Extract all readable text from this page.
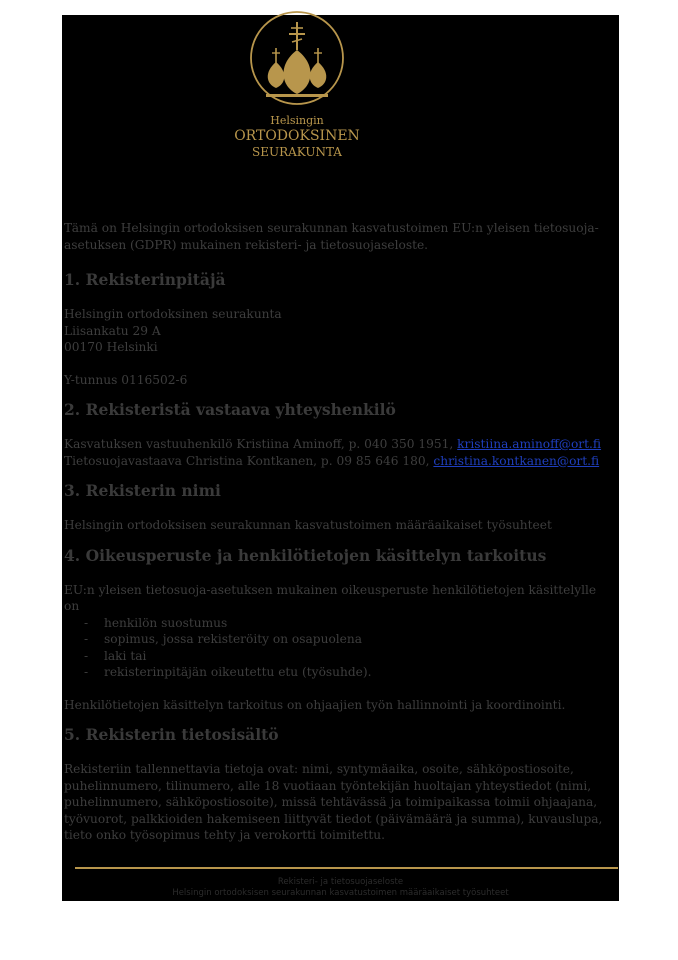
Helsingin
ORTODOKSINEN
SEURAKUNTA

Tämä on Helsingin ortodoksisen seurakunnan kasvatustoimen EU:n yleisen tietosuoja-asetuksen (GDPR) mukainen rekisteri- ja tietosuojaseloste.

1. Rekisterinpitäjä

Helsingin ortodoksinen seurakunta

Liisankatu 29 A

00170 Helsinki

Y-tunnus 0116502-6

2. Rekisteristä vastaava yhteyshenkilö

Kasvatuksen vastuuhenkilö Kristiina Aminoff, p. 040 350 1951, kristiina.aminoff@ort.fi

Tietosuojavastaava Christina Kontkanen, p. 09 85 646 180, christina.kontkanen@ort.fi

3. Rekisterin nimi

Helsingin ortodoksisen seurakunnan kasvatustoimen määräaikaiset työsuhteet

4. Oikeusperuste ja henkilötietojen käsittelyn tarkoitus

EU:n yleisen tietosuoja-asetuksen mukainen oikeusperuste henkilötietojen käsittelylle on

- henkilön suostumus
- sopimus, jossa rekisteröity on osapuolena
- laki tai
- rekisterinpitäjän oikeutettu etu (työsuhde).

Henkilötietojen käsittelyn tarkoitus on ohjaajien työn hallinnointi ja koordinointi.

5. Rekisterin tietosisältö

Rekisteriin tallennettavia tietoja ovat: nimi, syntymäaika, osoite, sähköpostiosoite, puhelinnumero, tilinumero, alle 18 vuotiaan työntekijän huoltajan yhteystiedot (nimi, puhelinnumero, sähköpostiosoite), missä tehtävässä ja toimipaikassa toimii ohjaajana, työvuorot, palkkioiden hakemiseen liittyvät tiedot (päivämäärä ja summa), kuvauslupa, tieto onko työsopimus tehty ja verokortti toimitettu.

Rekisteri- ja tietosuojaseloste
Helsingin ortodoksisen seurakunnan kasvatustoimen määräaikaiset työsuhteet
